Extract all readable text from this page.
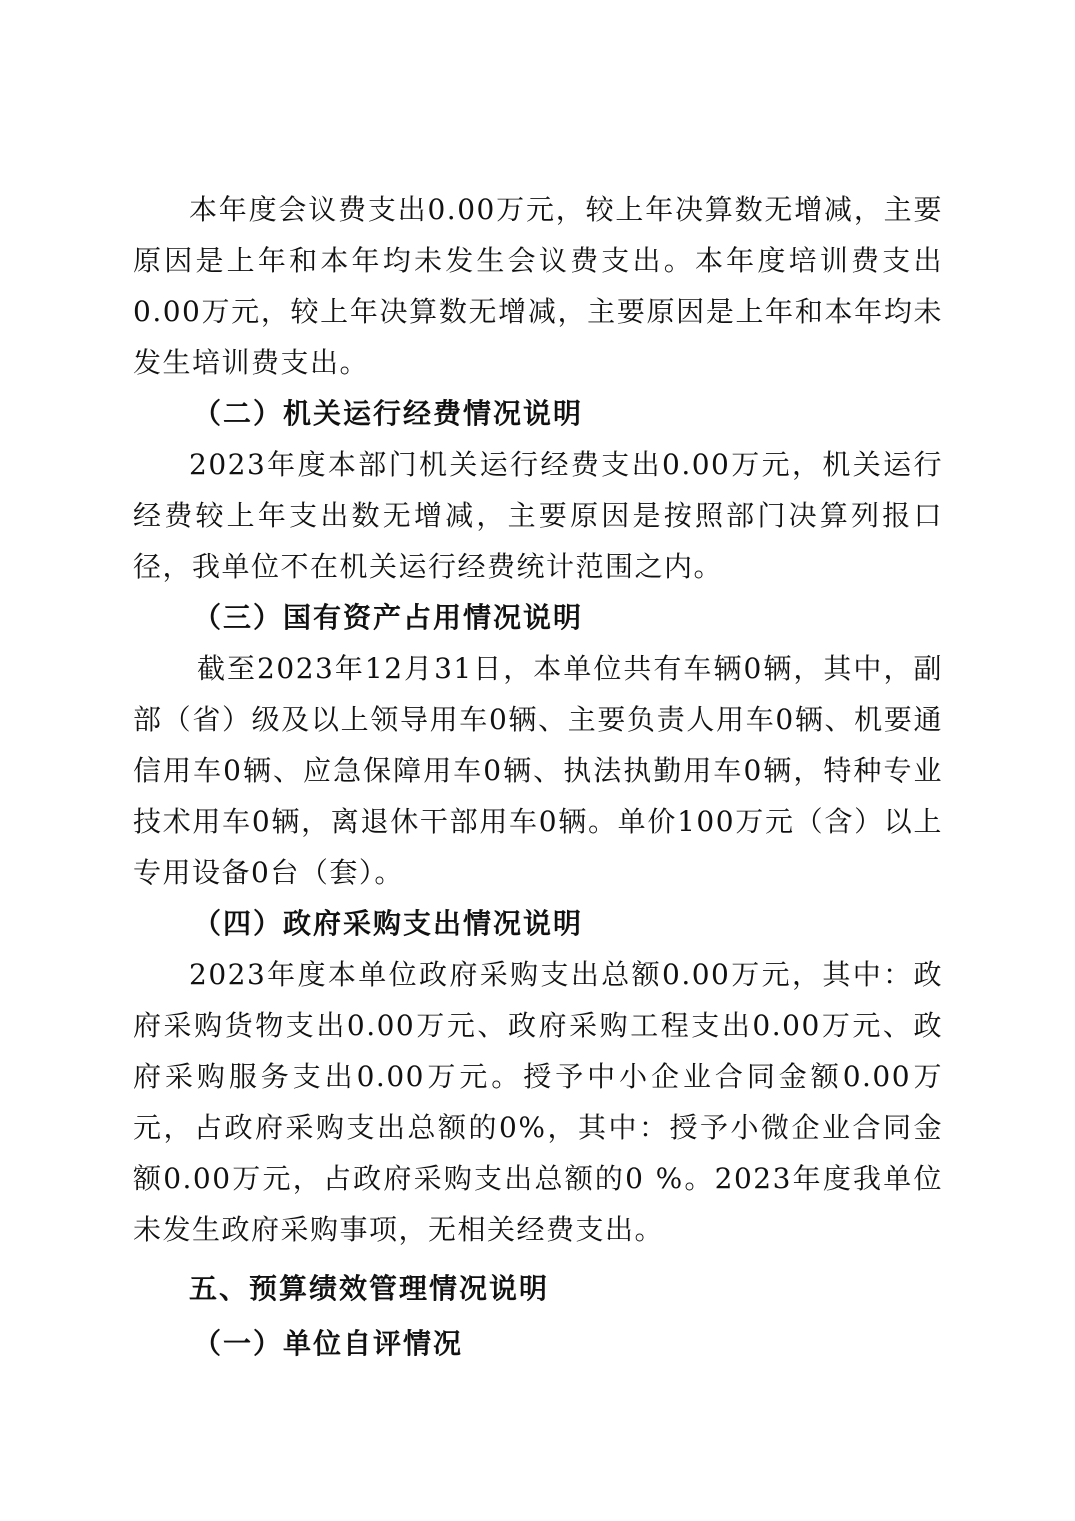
本年度会议费支出0.00万元，较上年决算数无增减，主要原因是上年和本年均未发生会议费支出。本年度培训费支出0.00万元，较上年决算数无增减，主要原因是上年和本年均未发生培训费支出。

（二）机关运行经费情况说明

2023年度本部门机关运行经费支出0.00万元，机关运行经费较上年支出数无增减，主要原因是按照部门决算列报口径，我单位不在机关运行经费统计范围之内。

（三）国有资产占用情况说明

截至2023年12月31日，本单位共有车辆0辆，其中，副部（省）级及以上领导用车0辆、主要负责人用车0辆、机要通信用车0辆、应急保障用车0辆、执法执勤用车0辆，特种专业技术用车0辆，离退休干部用车0辆。单价100万元（含）以上专用设备0台（套）。

（四）政府采购支出情况说明

2023年度本单位政府采购支出总额0.00万元，其中：政府采购货物支出0.00万元、政府采购工程支出0.00万元、政府采购服务支出0.00万元。授予中小企业合同金额0.00万元，占政府采购支出总额的0%，其中：授予小微企业合同金额0.00万元，占政府采购支出总额的0 %。2023年度我单位未发生政府采购事项，无相关经费支出。

五、预算绩效管理情况说明

（一）单位自评情况
